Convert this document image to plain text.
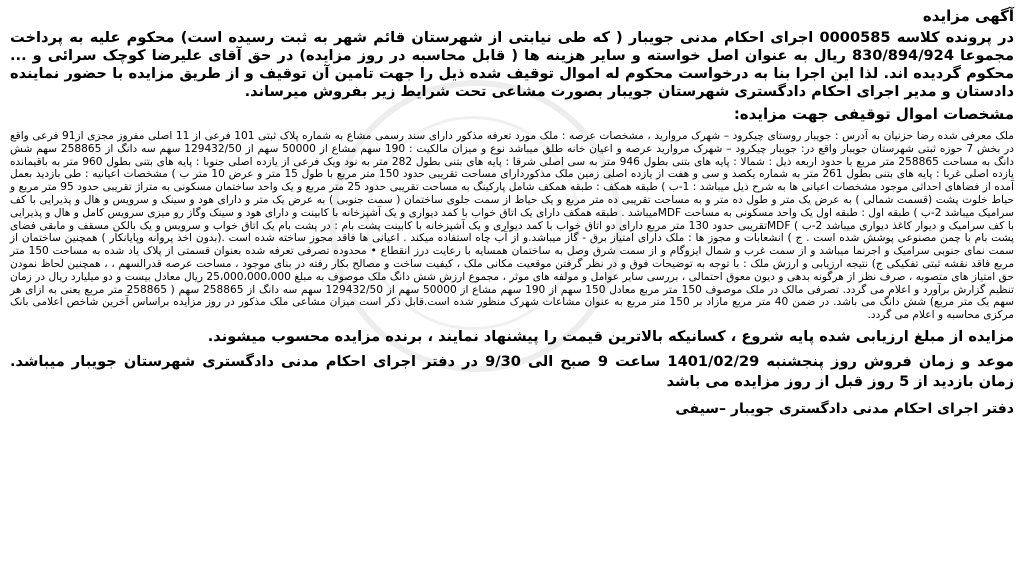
آگهی مزایده
در پرونده کلاسه 0000585 اجرای احکام مدنی جویبار ( که طی نیابتی از شهرستان قائم شهر به ثبت رسیده است) محکوم علیه به پرداخت مجموعا 830/894/924 ریال به عنوان اصل خواسته و سایر هزینه ها ( قابل محاسبه در روز مزایده) در حق آقای علیرضا کوچک سرائی و ... محکوم گردیده اند. لذا این اجرا بنا به درخواست محکوم له اموال توقیف شده ذیل را جهت تامین آن توقیف و از طریق مزایده با حضور نماینده دادستان و مدیر اجرای احکام دادگستری شهرستان جویبار بصورت مشاعی تحت شرایط زیر بفروش میرساند.
مشخصات اموال توقیفی جهت مزایده:
ملک معرفی شده رضا حزنیان به آدرس : جویبار روستای چیکرود – شهرک مروارید ، مشخصات عرصه : ملک مورد تعرفه مذکور دارای سند رسمی مشاع به شماره پلاک ثبتی 101 فرعی از 11 اصلی مفروز مجزی از91 فرعی واقع در بخش 7 حوزه ثبتی شهرستان جویبار واقع در: جویبار چیکرود – شهرک مروارید عرصه و اعیان خانه طلق میباشد نوع و میزان مالکیت : 190 سهم مشاع از 50000 سهم از 129432/50 سهم سه دانگ از 258865 سهم شش دانگ به مساحت 258865 متر مربع با حدود اربعه ذیل : شمالا : پایه های بتنی بطول 946 متر به سی اصلی شرقا : پایه های بتنی بطول 282 متر به نود ویک فرعی از یازده اصلی جنوبا : پایه های بتنی بطول 960 متر به باقیمانده یازده اصلی غربا : پایه های بتنی بطول 261 متر به شماره یکصد و سی و هفت از یازده اصلی زمین ملک مذکوردارای مساحت تقریبی حدود 150 متر مربع با طول 15 متر و عرض 10 متر ب ) مشخصات اعیانیه : طی بازدید بعمل آمده از فضاهای احداثی موجود مشخصات اعیانی ها به شرح ذیل میباشد : 1-ب ) طبقه همکف : طبقه همکف شامل پارکینگ به مساحت تقریبی حدود 25 متر مربع و یک واحد ساختمان مسکونی به متراژ تقریبی حدود 95 متر مربع و حیاط خلوت پشت (قسمت شمالی ) به عرض یک متر و طول ده متر و به مساحت تقریبی ده متر مربع و یک حیاط از سمت جلوی ساختمان ( سمت جنوبی ) به عرض یک متر و دارای هود و سینک و سرویس و هال و پذیرایی با کف سرامیک میباشد 2-ب ) طبقه اول : طبقه اول یک واحد مسکونی به مساحت MDFمیباشد . طبقه همکف دارای یک اتاق خواب با کمد دیواری و یک آشپزخانه با کابینت و دارای هود و سینک وگاز رو میزی سرویس کامل و هال و پذیرایی با کف سرامیک و دیوار کاغذ دیواری میباشد 2-ب ) MDFتقریبی حدود 130 متر مربع دارای دو اتاق خواب با کمد دیواری و یک آشپزخانه با کابینت پشت بام : در پشت بام یک اتاق خواب و سرویس و یک بالکن مسقف و مابقی فضای پشت بام با چمن مصنوعی پوشش شده است . ج ) انشعابات و مجوز ها : ملک دارای امتیاز برق - گاز میباشد.و از آب چاه استفاده میکند . اعیانی ها فاقد مجوز ساخته شده است .(بدون اخذ پروانه وپایانکار ) همچنین ساختمان از سمت نمای جنوبی سرامیک و اجرنما میباشد و از سمت غرب و شمال ایزوگام و از سمت شرق وصل به ساختمان همسایه با رعایت درز انقطاع • محدوده تصرفی تعرفه شده بعنوان قسمتی از پلاک یاد شده به مساحت 150 متر مربع فاقد نقشه ثبتی تفکیکی ج) نتیجه ارزیابی و ارزش ملک : با توجه به توضیحات فوق و در نظر گرفتن موقعیت مکانی ملک ، کیفیت ساخت و مصالح بکار رفته در بنای موجود ، مساحت عرصه قدرالسهم ، ، همچنین لحاظ نمودن حق امتیاز های متصوبه ، صرف نظر از هرگونه بدهی و دیون معوق احتمالی ، بررسی سایر عوامل و مولفه های موثر ، مجموع ارزش شش دانگ ملک موصوف به مبلغ 25،000،000،000 ریال معادل بیست و دو میلیارد ریال در زمان تنظیم گزارش برآورد و اعلام می گردد. تصرفی مالک در ملک موصوف 150 متر مربع معادل 150 سهم از 190 سهم مشاع از 50000 سهم از 129432/50 سهم سه دانگ از 258865 سهم ( 258865 متر مربع یعنی به ازای هر سهم یک متر مربع) شش دانگ می باشد. در ضمن 40 متر مربع مازاد بر 150 متر مربع به عنوان مشاعات شهرک منظور شده است.قابل ذکر است میزان مشاعی ملک مذکور در روز مزایده براساس آخرین شاخص اعلامی بانک مرکزی محاسبه و اعلام می گردد.
مزایده از مبلغ ارزیابی شده پایه شروع ، کسانیکه بالاترین قیمت را پیشنهاد نمایند ، برنده مزایده محسوب میشوند.
موعد و زمان فروش روز پنجشنبه 1401/02/29 ساعت 9 صبح الی 9/30 در دفتر اجرای احکام مدنی دادگستری شهرستان جویبار میباشد. زمان بازدید از 5 روز قبل از روز مزایده می باشد
دفتر اجرای احکام مدنی دادگستری جویبار –سیفی
